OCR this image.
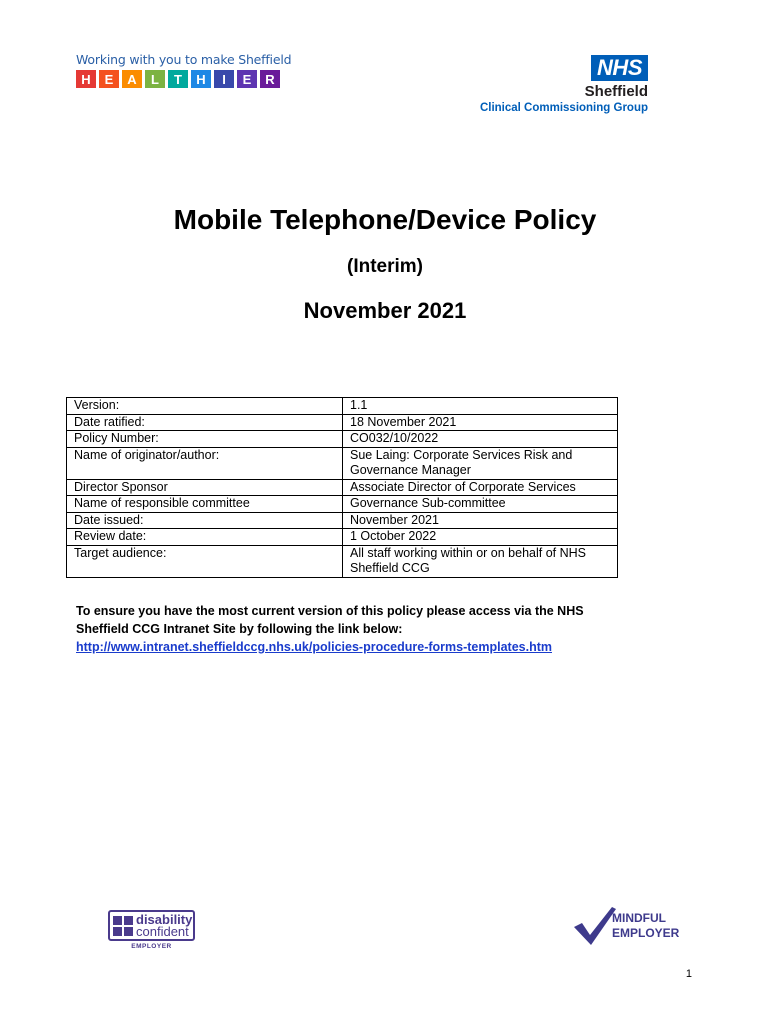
Working with you to make Sheffield
H	E	A	L	T	H	I	E	R	NHS
Sheffield
Clinical Commissioning Group
Mobile Telephone/Device Policy
(Interim)
November 2021
Version:	1.1
Date ratified:	18 November 2021
Policy Number:	CO032/10/2022
Name of originator/author:	Sue Laing: Corporate Services Risk and Governance Manager
Director Sponsor	Associate Director of Corporate Services
Name of responsible committee	Governance Sub-committee
Date issued:	November 2021
Review date:	1 October 2022
Target audience:	All staff working within or on behalf of NHS Sheffield CCG
To ensure you have the most current version of this policy please access via the NHS
Sheffield CCG Intranet Site by following the link below:
http://www.intranet.sheffieldccg.nhs.uk/policies-procedure-forms-templates.htm
disability
confident
EMPLOYER
MINDFUL
EMPLOYER
1
